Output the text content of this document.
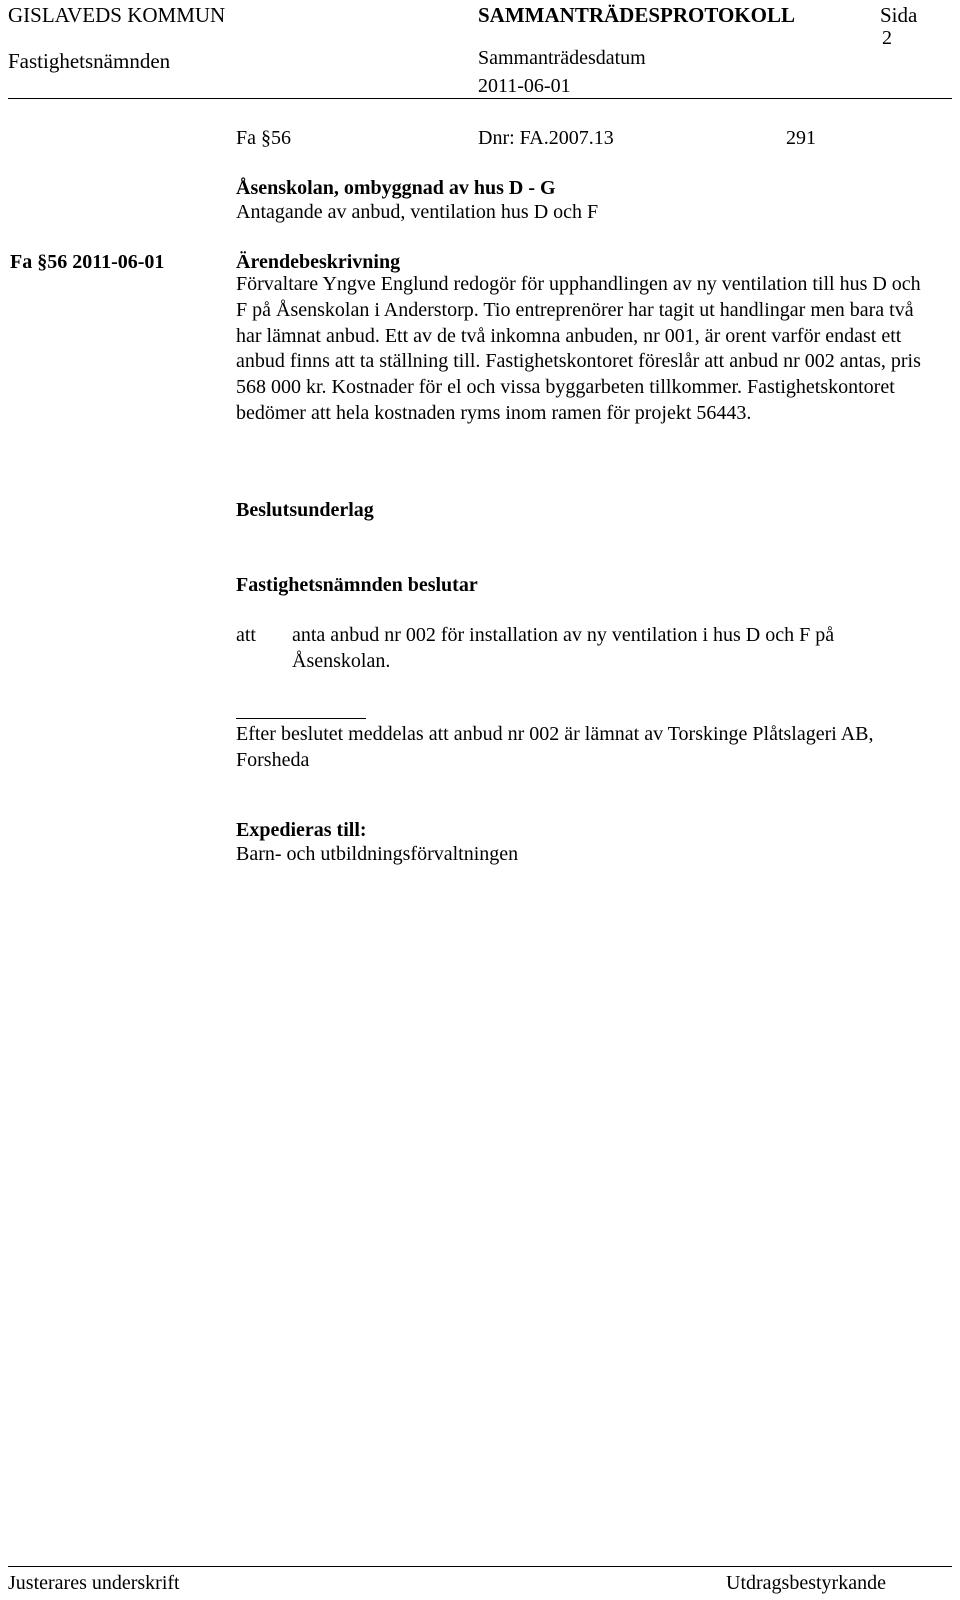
GISLAVEDS KOMMUN	SAMMANTRÄDESPROTOKOLL	Sida
Fastighetsnämnden	Sammanträdesdatum
2
2011-06-01
Fa §56	Dnr: FA.2007.13	291
Åsenskolan, ombyggnad av hus D - G
Antagande av anbud, ventilation hus D och F
Fa §56 2011-06-01	Ärendebeskrivning
Förvaltare Yngve Englund redogör för upphandlingen av ny ventilation till hus D och F på Åsenskolan i Anderstorp. Tio entreprenörer har tagit ut handlingar men bara två har lämnat anbud. Ett av de två inkomna anbuden, nr 001, är orent varför endast ett anbud finns att ta ställning till. Fastighetskontoret föreslår att anbud nr 002 antas, pris 568 000 kr. Kostnader för el och vissa byggarbeten tillkommer. Fastighetskontoret bedömer att hela kostnaden ryms inom ramen för projekt 56443.
Beslutsunderlag
Fastighetsnämnden beslutar
att anta anbud nr 002 för installation av ny ventilation i hus D och F på Åsenskolan.
Efter beslutet meddelas att anbud nr 002 är lämnat av Torskinge Plåtslageri AB, Forsheda
Expedieras till:
Barn- och utbildningsförvaltningen
Justerares underskrift	Utdragsbestyrkande
